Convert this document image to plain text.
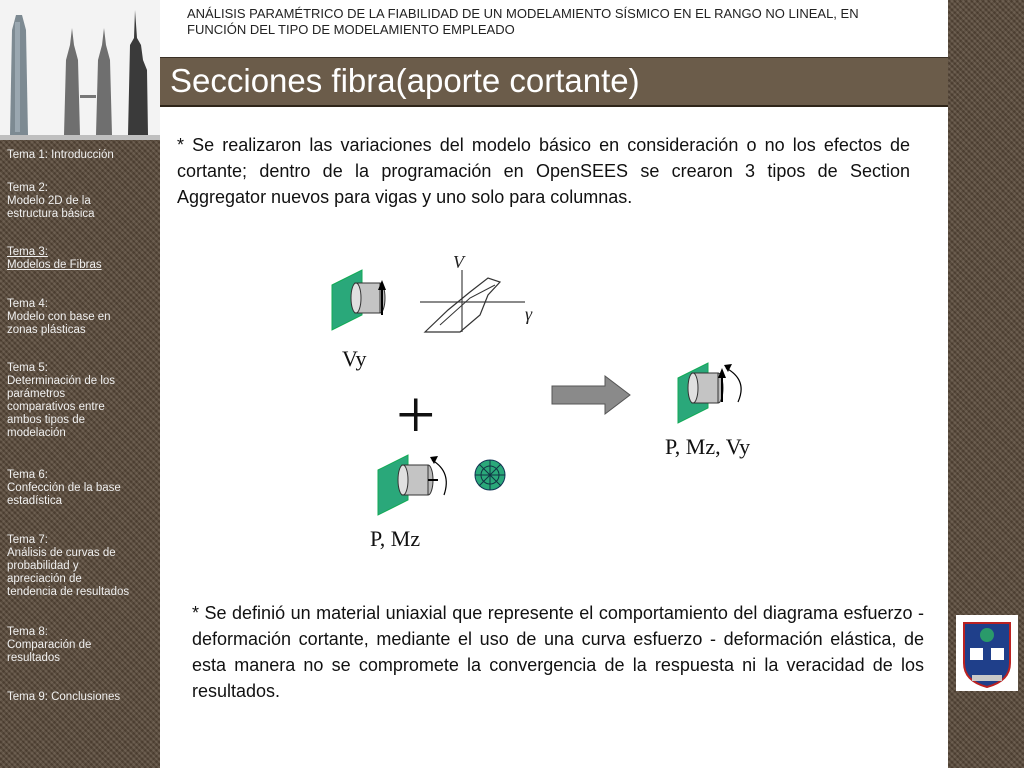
Tema 1: Introducción
Tema 2:
Modelo 2D de la
estructura básica
Tema 3:
Modelos de Fibras
Tema 4:
Modelo con base en
zonas plásticas
Tema 5:
Determinación de los
parámetros
comparativos entre
ambos tipos de
modelación
Tema 6:
Confección de la base
estadística
Tema 7:
Análisis de curvas de
probabilidad y
apreciación de
tendencia de resultados
Tema 8:
Comparación de
resultados
Tema 9: Conclusiones
ANÁLISIS PARAMÉTRICO DE LA FIABILIDAD DE UN MODELAMIENTO SÍSMICO EN EL RANGO NO LINEAL, EN
FUNCIÓN DEL TIPO DE MODELAMIENTO EMPLEADO
Secciones fibra(aporte cortante)
* Se realizaron las variaciones del modelo básico en consideración o no los efectos de cortante; dentro de la programación en OpenSEES se crearon 3 tipos de Section Aggregator nuevos para vigas y uno solo para columnas.
Vy
V
γ
+
P, Mz
P, Mz, Vy
* Se definió un material uniaxial que represente el comportamiento del diagrama esfuerzo - deformación cortante, mediante el uso de una curva esfuerzo - deformación elástica, de esta manera no se compromete la convergencia de la respuesta ni la veracidad de los resultados.
